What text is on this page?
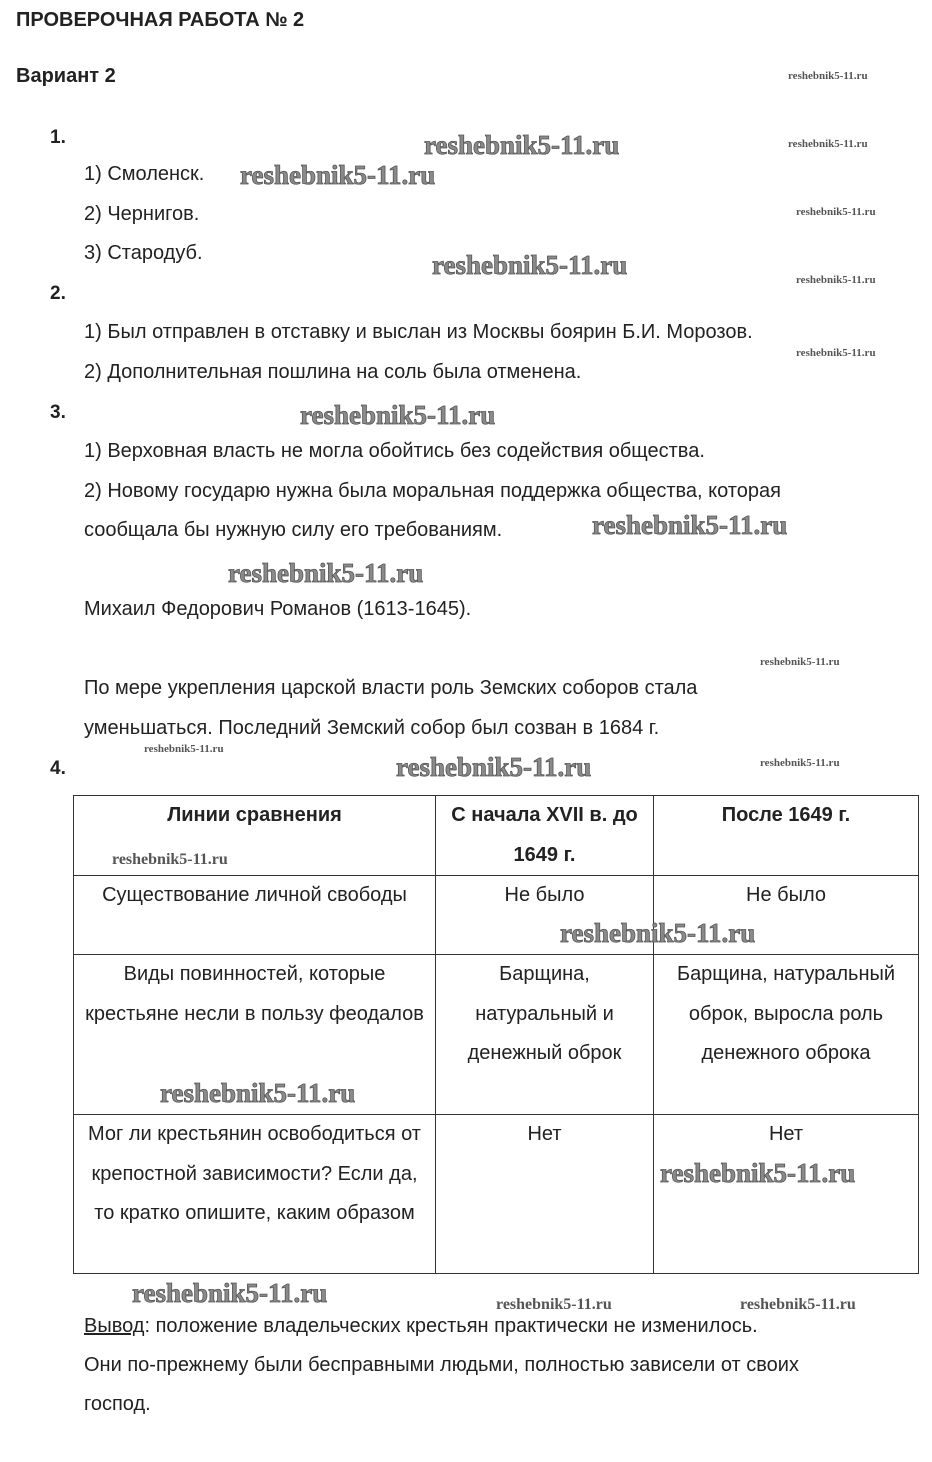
ПРОВЕРОЧНАЯ РАБОТА № 2
Вариант 2
1.
1) Смоленск.
2) Чернигов.
3) Стародуб.
2.
1) Был отправлен в отставку и выслан из Москвы боярин Б.И. Морозов.
2) Дополнительная пошлина на соль была отменена.
3.
1) Верховная власть не могла обойтись без содействия общества.
2) Новому государю нужна была моральная поддержка общества, которая
сообщала бы нужную силу его требованиям.
Михаил Федорович Романов (1613-1645).
По мере укрепления царской власти роль Земских соборов стала
уменьшаться. Последний Земский собор был созван в 1684 г.
4.
Линии сравнения	С начала XVII в. до 1649 г.	После 1649 г.
Существование личной свободы	Не было	Не было
Виды повинностей, которые крестьяне несли в пользу феодалов	Барщина, натуральный и денежный оброк	Барщина, натуральный оброк, выросла роль денежного оброка
Мог ли крестьянин освободиться от крепостной зависимости? Если да, то кратко опишите, каким образом	Нет	Нет
Вывод: положение владельческих крестьян практически не изменилось.
Они по-прежнему были бесправными людьми, полностью зависели от своих
господ.
reshebnik5-11.ru
reshebnik5-11.ru
reshebnik5-11.ru
reshebnik5-11.ru
reshebnik5-11.ru
reshebnik5-11.ru
reshebnik5-11.ru
reshebnik5-11.ru
reshebnik5-11.ru
reshebnik5-11.ru
reshebnik5-11.ru
reshebnik5-11.ru
reshebnik5-11.ru
reshebnik5-11.ru
reshebnik5-11.ru
reshebnik5-11.ru
reshebnik5-11.ru
reshebnik5-11.ru
reshebnik5-11.ru
reshebnik5-11.ru
reshebnik5-11.ru	reshebnik5-11.ru
